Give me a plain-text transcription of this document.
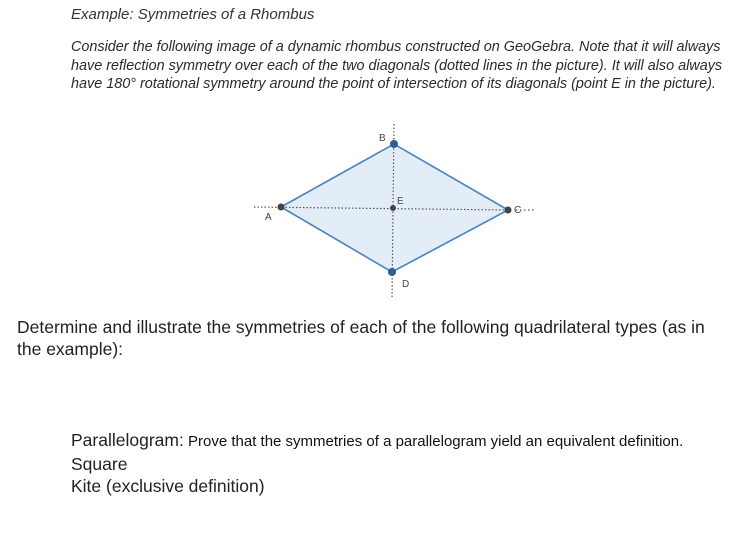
Example: Symmetries of a Rhombus
Consider the following image of a dynamic rhombus constructed on GeoGebra. Note that it will always have reflection symmetry over each of the two diagonals (dotted lines in the picture). It will also always have 180° rotational symmetry around the point of intersection of its diagonals (point E in the picture).
A
B
C
D
E
Determine and illustrate the symmetries of each of the following quadrilateral types (as in the example):
Parallelogram: Prove that the symmetries of a parallelogram yield an equivalent definition.
Square
Kite (exclusive definition)
